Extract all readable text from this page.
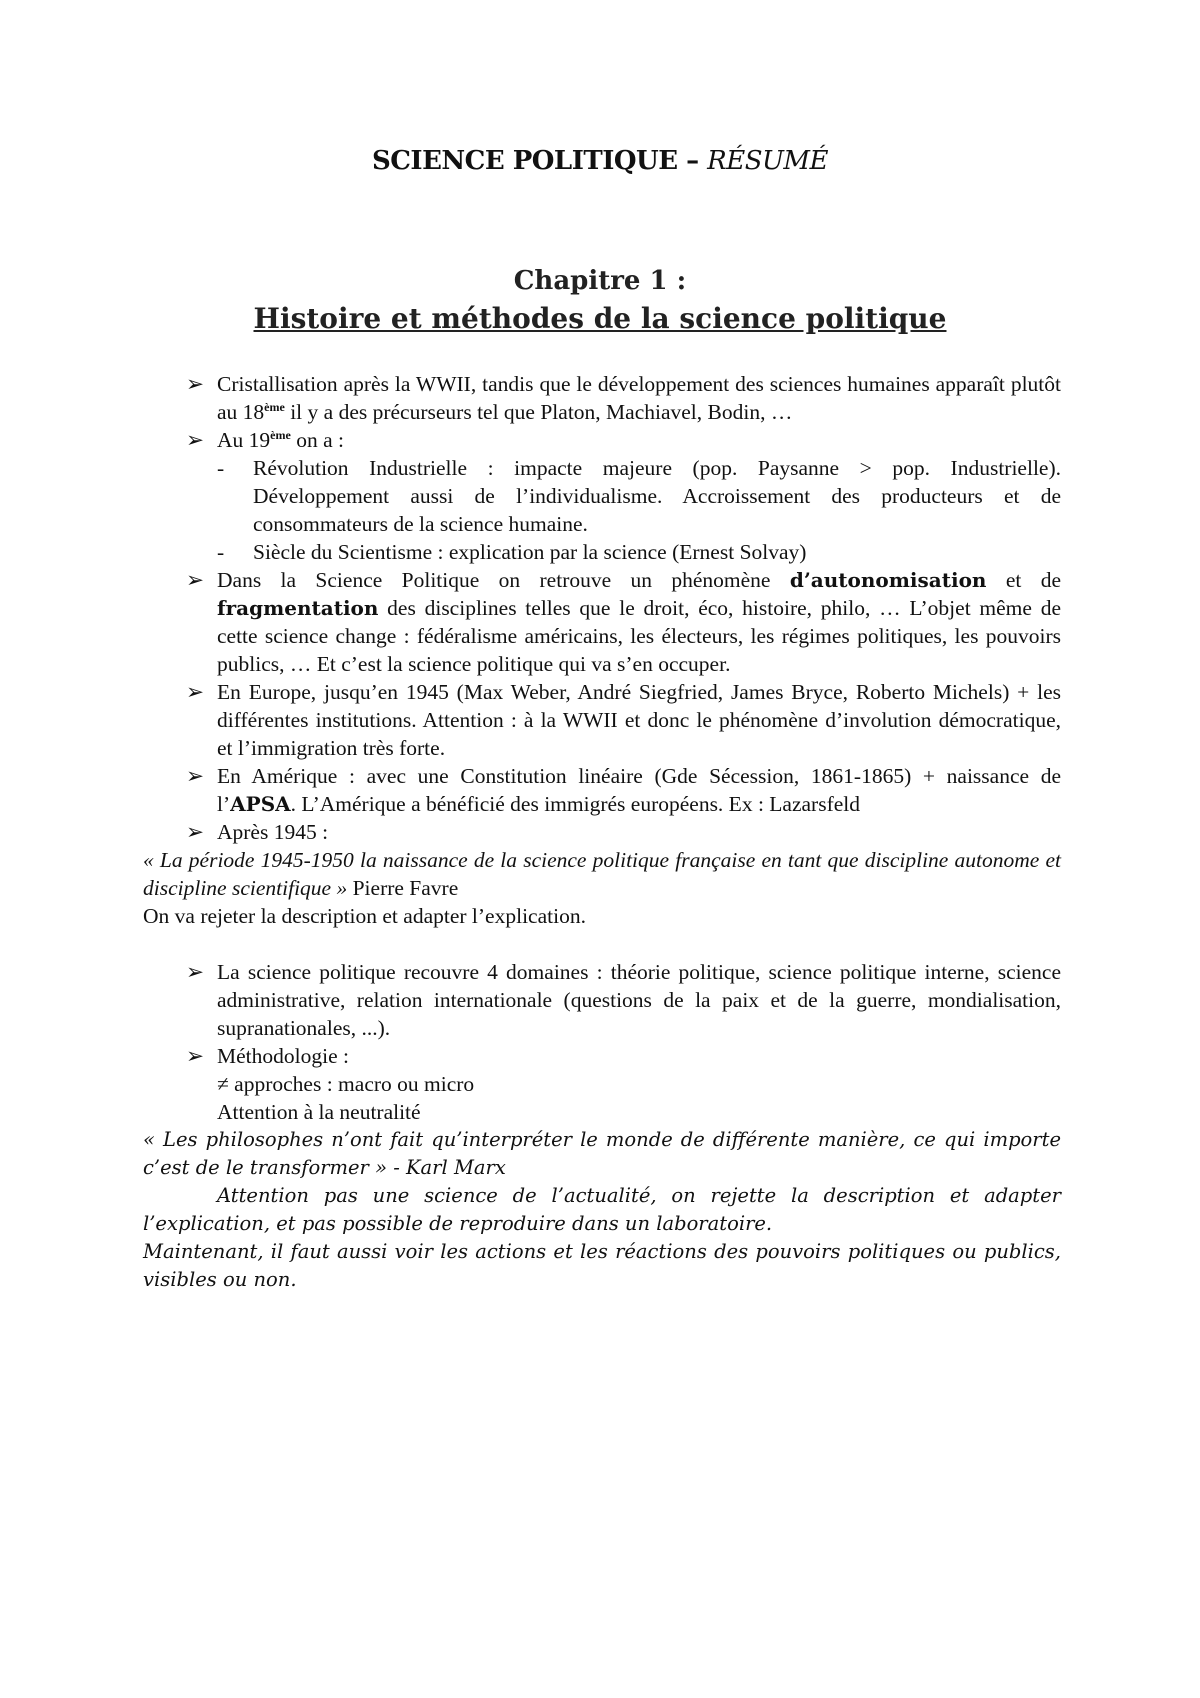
SCIENCE POLITIQUE – RÉSUMÉ
Chapitre 1 :
Histoire et méthodes de la science politique
➢ Cristallisation après la WWII, tandis que le développement des sciences humaines apparaît plutôt au 18ème il y a des précurseurs tel que Platon, Machiavel, Bodin, …
➢ Au 19ème on a :
- Révolution Industrielle : impacte majeure (pop. Paysanne > pop. Industrielle). Développement aussi de l’individualisme. Accroissement des producteurs et de consommateurs de la science humaine.
- Siècle du Scientisme : explication par la science (Ernest Solvay)
➢ Dans la Science Politique on retrouve un phénomène d’autonomisation et de fragmentation des disciplines telles que le droit, éco, histoire, philo, … L’objet même de cette science change : fédéralisme américains, les électeurs, les régimes politiques, les pouvoirs publics, … Et c’est la science politique qui va s’en occuper.
➢ En Europe, jusqu’en 1945 (Max Weber, André Siegfried, James Bryce, Roberto Michels) + les différentes institutions. Attention : à la WWII et donc le phénomène d’involution démocratique, et l’immigration très forte.
➢ En Amérique : avec une Constitution linéaire (Gde Sécession, 1861-1865) + naissance de l’APSA. L’Amérique a bénéficié des immigrés européens. Ex : Lazarsfeld
➢ Après 1945 :
« La période 1945-1950 la naissance de la science politique française en tant que discipline autonome et discipline scientifique » Pierre Favre
On va rejeter la description et adapter l’explication.
➢ La science politique recouvre 4 domaines : théorie politique, science politique interne, science administrative, relation internationale (questions de la paix et de la guerre, mondialisation, supranationales, ...).
➢ Méthodologie :
≠ approches : macro ou micro
Attention à la neutralité
« Les philosophes n’ont fait qu’interpréter le monde de différente manière, ce qui importe c’est de le transformer » - Karl Marx
Attention pas une science de l’actualité, on rejette la description et adapter l’explication, et pas possible de reproduire dans un laboratoire.
Maintenant, il faut aussi voir les actions et les réactions des pouvoirs politiques ou publics, visibles ou non.
